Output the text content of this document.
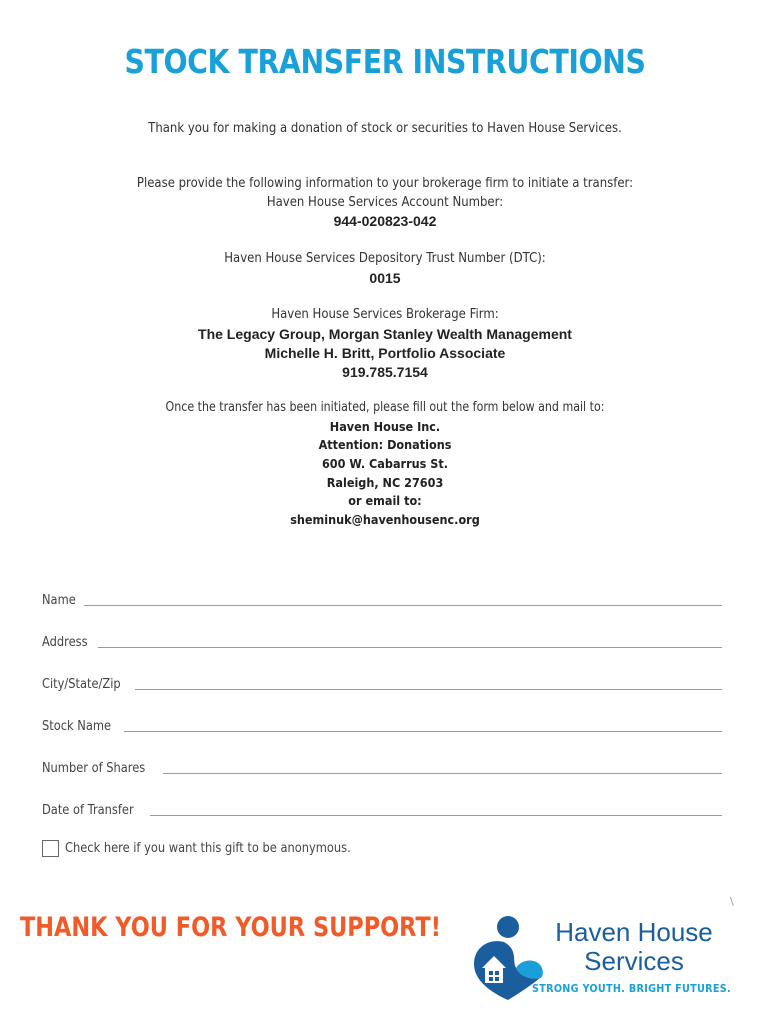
STOCK TRANSFER INSTRUCTIONS
Thank you for making a donation of stock or securities to Haven House Services.
Please provide the following information to your brokerage firm to initiate a transfer:
Haven House Services Account Number:
944-020823-042
Haven House Services Depository Trust Number (DTC):
0015
Haven House Services Brokerage Firm:
The Legacy Group, Morgan Stanley Wealth Management
Michelle H. Britt, Portfolio Associate
919.785.7154
Once the transfer has been initiated, please fill out the form below and mail to:
Haven House Inc.
Attention: Donations
600 W. Cabarrus St.
Raleigh, NC 27603
or email to:
sheminuk@havenhousenc.org
Name
Address
City/State/Zip
Stock Name
Number of Shares
Date of Transfer
Check here if you want this gift to be anonymous.
\
THANK YOU FOR YOUR SUPPORT!	Haven House
Services
STRONG YOUTH. BRIGHT FUTURES.
